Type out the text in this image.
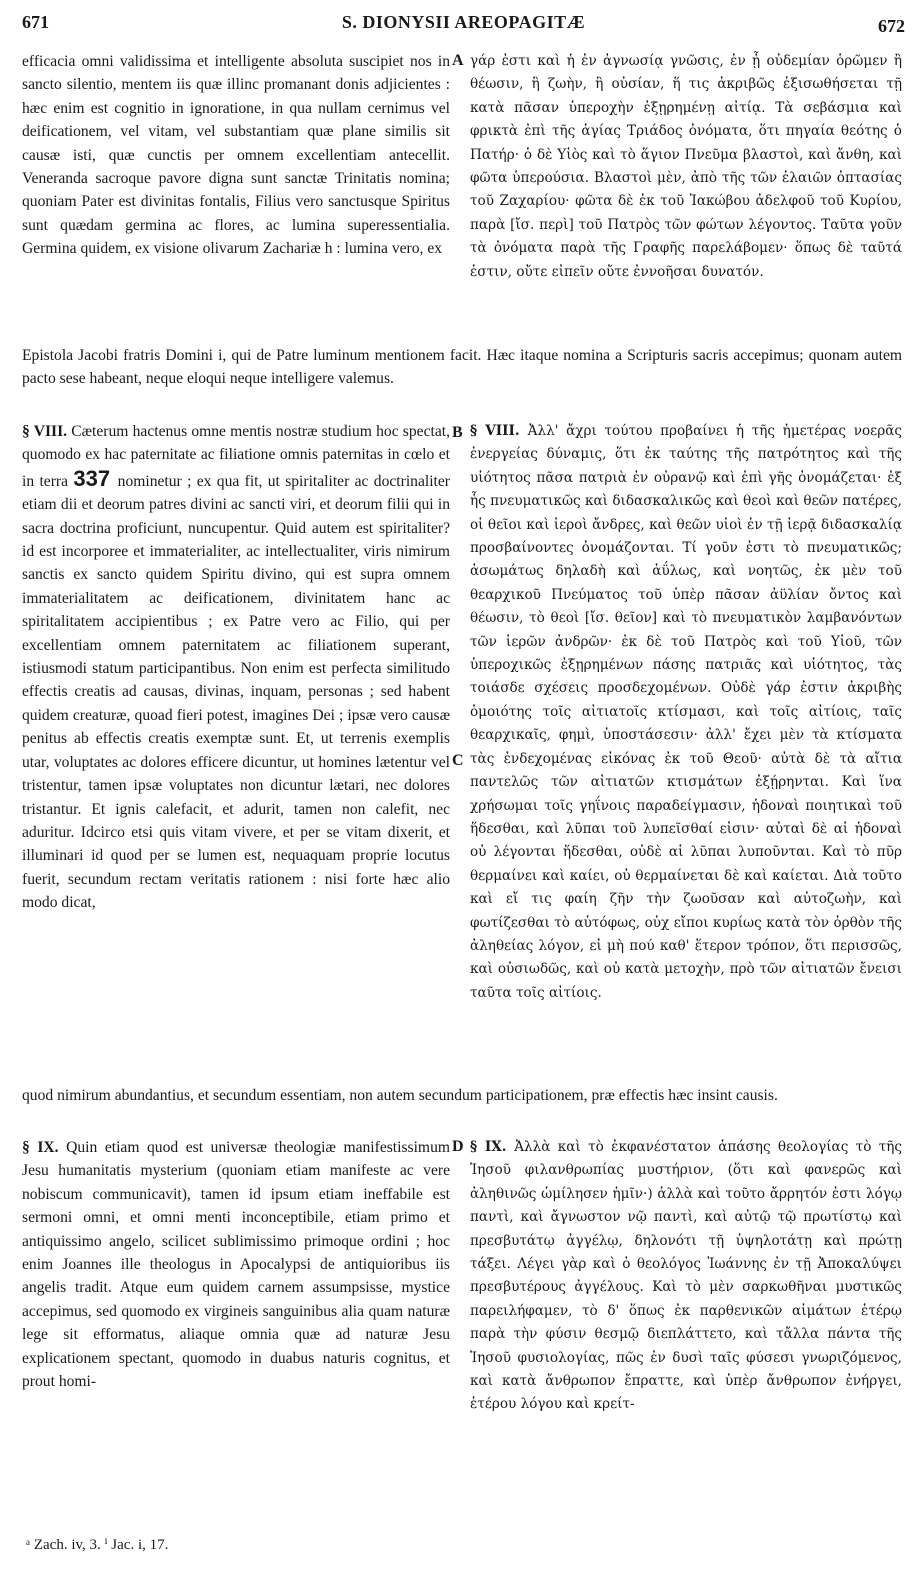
671	S. DIONYSII AREOPAGITÆ	672
efficacia omni validissima et intelligente absoluta suscipiet nos in sancto silentio, mentem iis quæ illinc promanant donis adjicientes : hæc enim est cognitio in ignoratione, in qua nullam cernimus vel deificationem, vel vitam, vel substantiam quæ plane similis sit causæ isti, quæ cunctis per omnem excellentiam antecellit. Veneranda sacroque pavore digna sunt sanctæ Trinitatis nomina; quoniam Pater est divinitas fontalis, Filius vero sanctusque Spiritus sunt quædam germina ac flores, ac lumina superessentialia. Germina quidem, ex visione olivarum Zachariæ h : lumina vero, ex
A γάρ ἐστι καὶ ἡ ἐν ἀγνωσίᾳ γνῶσις, ἐν ᾗ οὐδεμίαν ὁρῶμεν ἢ θέωσιν, ἢ ζωὴν, ἢ οὐσίαν, ἥ τις ἀκριβῶς ἐξισωθήσεται τῇ κατὰ πᾶσαν ὑπεροχὴν ἐξῃρημένῃ αἰτίᾳ. Τὰ σεβάσμια καὶ φρικτὰ ἐπὶ τῆς ἁγίας Τριάδος ὀνόματα, ὅτι πηγαία θεότης ὁ Πατήρ· ὁ δὲ Υἱὸς καὶ τὸ ἅγιον Πνεῦμα βλαστοὶ, καὶ ἄνθη, καὶ φῶτα ὑπερούσια. Βλαστοὶ μὲν, ἀπὸ τῆς τῶν ἐλαιῶν ὀπτασίας τοῦ Ζαχαρίου· φῶτα δὲ ἐκ τοῦ Ἰακώβου ἀδελφοῦ τοῦ Κυρίου, παρὰ [ἴσ. περὶ] τοῦ Πατρὸς τῶν φώτων λέγοντος. Ταῦτα γοῦν τὰ ὀνόματα παρὰ τῆς Γραφῆς παρελάβομεν· ὅπως δὲ ταῦτά ἐστιν, οὔτε εἰπεῖν οὔτε ἐννοῆσαι δυνατόν.
Epistola Jacobi fratris Domini i, qui de Patre luminum mentionem facit. Hæc itaque nomina a Scripturis sacris accepimus; quonam autem pacto sese habeant, neque eloqui neque intelligere valemus.
§ VIII. Cæterum hactenus omne mentis nostræ studium hoc spectat, quomodo ex hac paternitate ac filiatione omnis paternitas in cœlo et in terra 337 nominetur ; ex qua fit, ut spiritaliter ac doctrinaliter etiam dii et deorum patres divini ac sancti viri, et deorum filii qui in sacra doctrina proficiunt, nuncupentur. Quid autem est spiritaliter? id est incorporee et immaterialiter, ac intellectualiter, viris nimirum sanctis ex sancto quidem Spiritu divino, qui est supra omnem immaterialitatem ac deificationem, divinitatem hanc ac spiritalitatem accipientibus ; ex Patre vero ac Filio, qui per excellentiam omnem paternitatem ac filiationem superant, istiusmodi statum participantibus. Non enim est perfecta similitudo effectis creatis ad causas, divinas, inquam, personas ; sed habent quidem creaturæ, quoad fieri potest, imagines Dei ; ipsæ vero causæ penitus ab effectis creatis exemptæ sunt. Et, ut terrenis exemplis utar, voluptates ac dolores efficere dicuntur, ut homines lætentur vel tristentur, tamen ipsæ voluptates non dicuntur lætari, nec dolores tristantur. Et ignis calefacit, et adurit, tamen non calefit, nec aduritur. Idcirco etsi quis vitam vivere, et per se vitam dixerit, et illuminari id quod per se lumen est, nequaquam proprie locutus fuerit, secundum rectam veritatis rationem : nisi forte hæc alio modo dicat,
B
C
§ VIII. Ἀλλ' ἄχρι τούτου προβαίνει ἡ τῆς ἡμετέρας νοερᾶς ἐνεργείας δύναμις, ὅτι ἐκ ταύτης τῆς πατρότητος καὶ τῆς υἱότητος πᾶσα πατριὰ ἐν οὐρανῷ καὶ ἐπὶ γῆς ὀνομάζεται· ἐξ ἧς πνευματικῶς καὶ διδασκαλικῶς καὶ θεοὶ καὶ θεῶν πατέρες, οἱ θεῖοι καὶ ἱεροὶ ἄνδρες, καὶ θεῶν υἱοὶ ἐν τῇ ἱερᾷ διδασκαλίᾳ προσβαίνοντες ὀνομάζονται. Τί γοῦν ἐστι τὸ πνευματικῶς; ἀσωμάτως δηλαδὴ καὶ ἀΰλως, καὶ νοητῶς, ἐκ μὲν τοῦ θεαρχικοῦ Πνεύματος τοῦ ὑπὲρ πᾶσαν ἀϋλίαν ὄντος καὶ θέωσιν, τὸ θεοὶ [ἴσ. θεῖον] καὶ τὸ πνευματικὸν λαμβανόντων τῶν ἱερῶν ἀνδρῶν· ἐκ δὲ τοῦ Πατρὸς καὶ τοῦ Υἱοῦ, τῶν ὑπεροχικῶς ἐξῃρημένων πάσης πατριᾶς καὶ υἱότητος, τὰς τοιάσδε σχέσεις προσδεχομένων. Οὐδὲ γάρ ἐστιν ἀκριβὴς ὁμοιότης τοῖς αἰτιατοῖς κτίσμασι, καὶ τοῖς αἰτίοις, ταῖς θεαρχικαῖς, φημὶ, ὑποστάσεσιν· ἀλλ' ἔχει μὲν τὰ κτίσματα τὰς ἐνδεχομένας εἰκόνας ἐκ τοῦ Θεοῦ· αὐτὰ δὲ τὰ αἴτια παντελῶς τῶν αἰτιατῶν κτισμάτων ἐξῄρηνται. Καὶ ἵνα χρήσωμαι τοῖς γηΐνοις παραδείγμασιν, ἡδοναὶ ποιητικαὶ τοῦ ἥδεσθαι, καὶ λῦπαι τοῦ λυπεῖσθαί εἰσιν· αὐταὶ δὲ αἱ ἡδοναὶ οὐ λέγονται ἥδεσθαι, οὐδὲ αἱ λῦπαι λυποῦνται. Καὶ τὸ πῦρ θερμαίνει καὶ καίει, οὐ θερμαίνεται δὲ καὶ καίεται. Διὰ τοῦτο καὶ εἴ τις φαίη ζῆν τὴν ζωοῦσαν καὶ αὐτοζωὴν, καὶ φωτίζεσθαι τὸ αὐτόφως, οὐχ εἴποι κυρίως κατὰ τὸν ὀρθὸν τῆς ἀληθείας λόγον, εἰ μὴ πού καθ' ἕτερον τρόπον, ὅτι περισσῶς, καὶ οὐσιωδῶς, καὶ οὐ κατὰ μετοχὴν, πρὸ τῶν αἰτιατῶν ἔνεισι ταῦτα τοῖς αἰτίοις.
quod nimirum abundantius, et secundum essentiam, non autem secundum participationem, præ effectis hæc insint causis.
§ IX. Quin etiam quod est universæ theologiæ manifestissimum Jesu humanitatis mysterium (quoniam etiam manifeste ac vere nobiscum communicavit), tamen id ipsum etiam ineffabile est sermoni omni, et omni menti inconceptibile, etiam primo et antiquissimo angelo, scilicet sublimissimo primoque ordini ; hoc enim Joannes ille theologus in Apocalypsi de antiquioribus iis angelis tradit. Atque eum quidem carnem assumpsisse, mystice accepimus, sed quomodo ex virgineis sanguinibus alia quam naturæ lege sit efformatus, aliaque omnia quæ ad naturæ Jesu explicationem spectant, quomodo in duabus naturis cognitus, et prout homi-
D § IX. Ἀλλὰ καὶ τὸ ἐκφανέστατον ἁπάσης θεολογίας τὸ τῆς Ἰησοῦ φιλανθρωπίας μυστήριον, (ὅτι καὶ φανερῶς καὶ ἀληθινῶς ὡμίλησεν ἡμῖν·) ἀλλὰ καὶ τοῦτο ἄρρητόν ἐστι λόγῳ παντὶ, καὶ ἄγνωστον νῷ παντὶ, καὶ αὐτῷ τῷ πρωτίστῳ καὶ πρεσβυτάτῳ ἀγγέλῳ, δηλονότι τῇ ὑψηλοτάτῃ καὶ πρώτῃ τάξει. Λέγει γὰρ καὶ ὁ θεολόγος Ἰωάννης ἐν τῇ Ἀποκαλύψει πρεσβυτέρους ἀγγέλους. Καὶ τὸ μὲν σαρκωθῆναι μυστικῶς παρειλήφαμεν, τὸ δ' ὅπως ἐκ παρθενικῶν αἱμάτων ἑτέρῳ παρὰ τὴν φύσιν θεσμῷ διεπλάττετο, καὶ τἄλλα πάντα τῆς Ἰησοῦ φυσιολογίας, πῶς ἐν δυσὶ ταῖς φύσεσι γνωριζόμενος, καὶ κατὰ ἄνθρωπον ἔπραττε, καὶ ὑπὲρ ἄνθρωπον ἐνήργει, ἑτέρου λόγου καὶ κρείτ-
ᵃ Zach. iv, 3. ⁱ Jac. i, 17.
